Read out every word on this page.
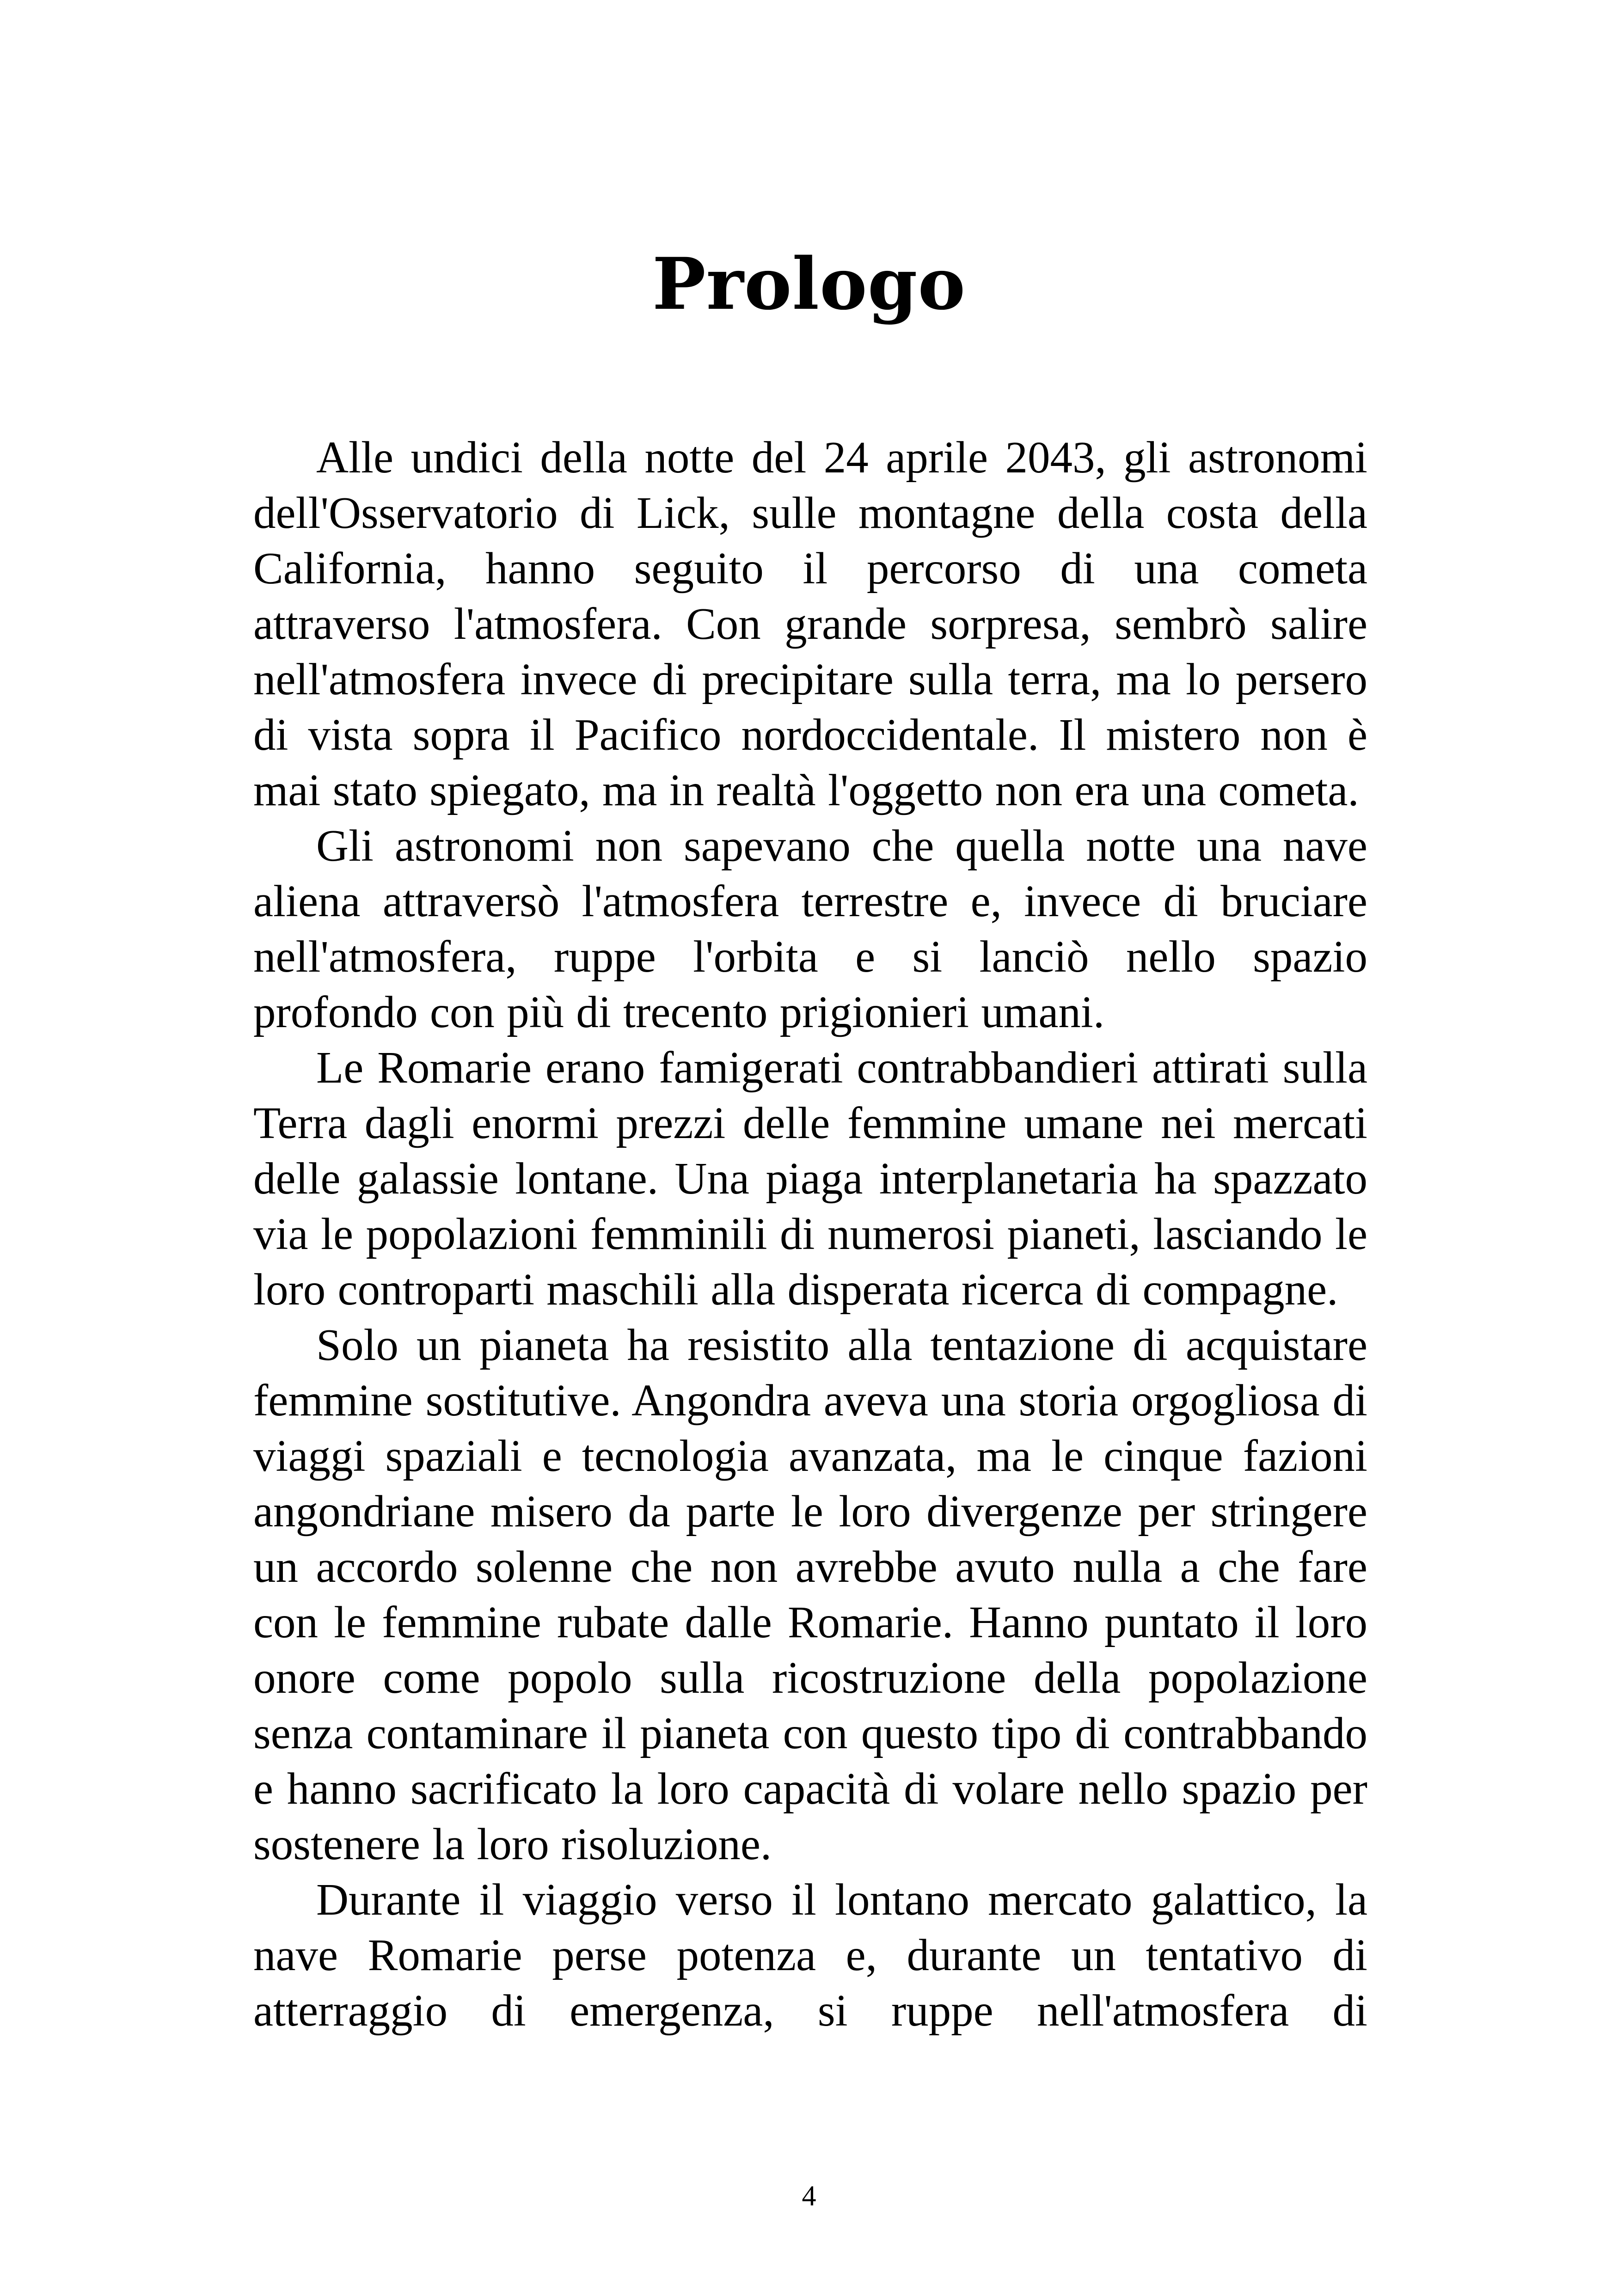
Prologo

Alle undici della notte del 24 aprile 2043, gli astronomi dell'Osservatorio di Lick, sulle montagne della costa della California, hanno seguito il percorso di una cometa attraverso l'atmosfera. Con grande sorpresa, sembrò salire nell'atmosfera invece di precipitare sulla terra, ma lo persero di vista sopra il Pacifico nordoccidentale. Il mistero non è mai stato spiegato, ma in realtà l'oggetto non era una cometa.

Gli astronomi non sapevano che quella notte una nave aliena attraversò l'atmosfera terrestre e, invece di bruciare nell'atmosfera, ruppe l'orbita e si lanciò nello spazio profondo con più di trecento prigionieri umani.

Le Romarie erano famigerati contrabbandieri attirati sulla Terra dagli enormi prezzi delle femmine umane nei mercati delle galassie lontane. Una piaga interplanetaria ha spazzato via le popolazioni femminili di numerosi pianeti, lasciando le loro controparti maschili alla disperata ricerca di compagne.

Solo un pianeta ha resistito alla tentazione di acquistare femmine sostitutive. Angondra aveva una storia orgogliosa di viaggi spaziali e tecnologia avanzata, ma le cinque fazioni angondriane misero da parte le loro divergenze per stringere un accordo solenne che non avrebbe avuto nulla a che fare con le femmine rubate dalle Romarie. Hanno puntato il loro onore come popolo sulla ricostruzione della popolazione senza contaminare il pianeta con questo tipo di contrabbando e hanno sacrificato la loro capacità di volare nello spazio per sostenere la loro risoluzione.

Durante il viaggio verso il lontano mercato galattico, la nave Romarie perse potenza e, durante un tentativo di atterraggio di emergenza, si ruppe nell'atmosfera di

4
